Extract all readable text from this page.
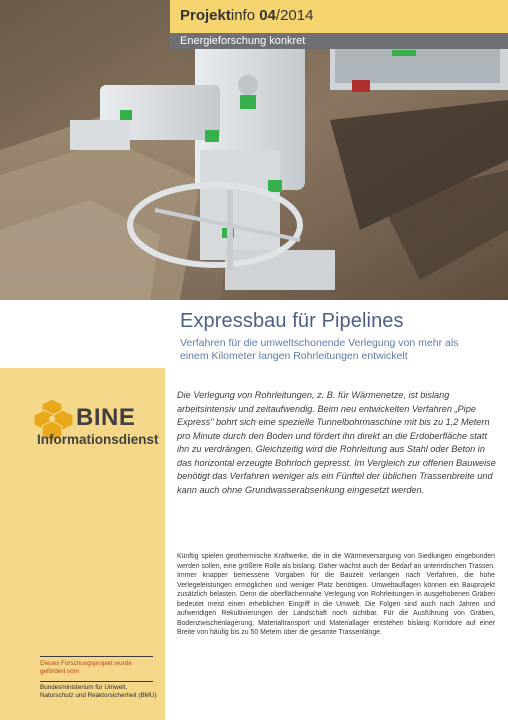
Projektinfo 04/2014
Energieforschung konkret
Expressbau für Pipelines
Verfahren für die umweltschonende Verlegung von mehr als einem Kilometer langen Rohrleitungen entwickelt
BINE
Informationsdienst
Dieses Forschungsprojekt wurde gefördert vom
Bundesministerium für Umwelt, Naturschutz und Reaktorsicherheit (BMU)

Die Verlegung von Rohrleitungen, z. B. für Wärmenetze, ist bislang arbeitsintensiv und zeitaufwendig. Beim neu entwickelten Verfahren „Pipe Express" bohrt sich eine spezielle Tunnelbohrmaschine mit bis zu 1,2 Metern pro Minute durch den Boden und fördert ihn direkt an die Erdoberfläche statt ihn zu verdrängen. Gleichzeitig wird die Rohrleitung aus Stahl oder Beton in das horizontal erzeugte Bohrloch gepresst. Im Vergleich zur offenen Bauweise benötigt das Verfahren weniger als ein Fünftel der üblichen Trassenbreite und kann auch ohne Grundwasserabsenkung eingesetzt werden.

Künftig spielen geothermische Kraftwerke, die in die Wärmeversorgung von Siedlungen eingebunden werden sollen, eine größere Rolle als bislang. Daher wächst auch der Bedarf an unterirdischen Trassen. Immer knapper bemessene Vorgaben für die Bauzeit verlangen nach Verfahren, die hohe Verlegeleistungen ermöglichen und weniger Platz benötigen. Umweltauflagen können ein Bauprojekt zusätzlich belasten. Denn die oberflächennahe Verlegung von Rohrleitungen in ausgehobenen Gräben bedeutet meist einen erheblichen Eingriff in die Umwelt. Die Folgen sind auch nach Jahren und aufwendigen Rekultivierungen der Landschaft noch sichtbar. Für die Ausführung von Gräben, Bodenzwischenlagerung, Materialtransport und Materiallager entstehen bislang Korridore auf einer Breite von häufig bis zu 50 Metern über die gesamte Trassenlänge.
